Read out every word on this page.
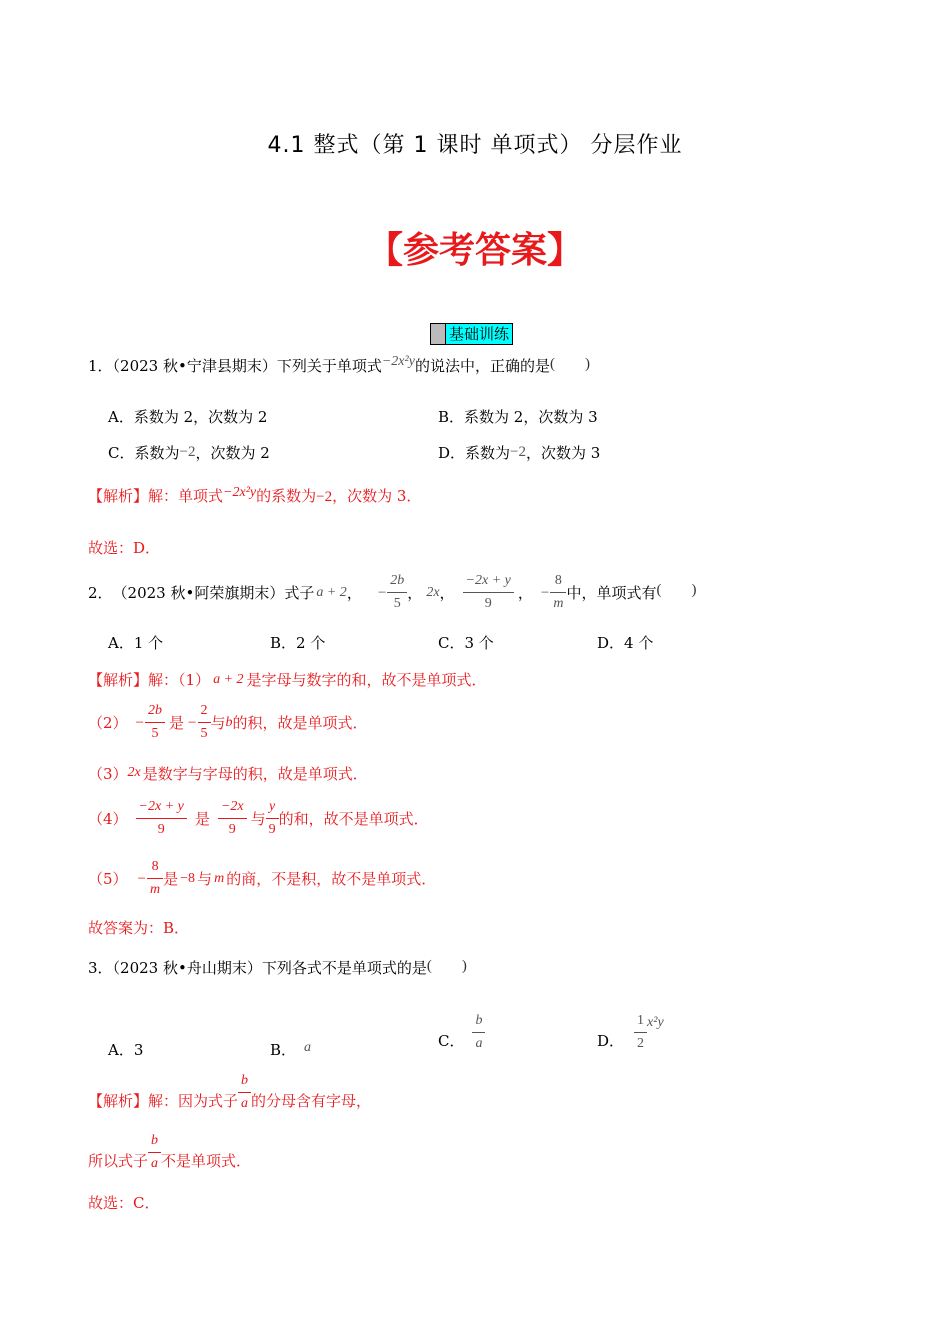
4.1 整式（第 1 课时 单项式） 分层作业
【参考答案】
基础训练
1．（2023 秋•宁津县期末）下列关于单项式−2x²y的说法中，正确的是(　　)
A．系数为 2，次数为 2	B．系数为 2，次数为 3
C．系数为−2，次数为 2	D．系数为−2，次数为 3
【解析】解：单项式−2x²y的系数为−2，次数为 3．
故选：D．
2． （2023 秋•阿荣旗期末） 式子 a + 2 ， − $\frac{2b}{5}$ ， 2x ， $\frac{-2x + y}{9}$ ， − $\frac{8}{m}$ 中，单项式有 (　　)
A．1 个	B．2 个	C．3 个	D．4 个
【解析】解：（1） a + 2 是字母与数字的和，故不是单项式．
$(2) - \frac{2b}{5}$ 是 − $\frac{2}{5}$ 与 b 的积，故是单项式．
（3）2x 是数字与字母的积，故是单项式．
$(4) \frac{-2x + y}{9}$ 是 $\frac{-2x}{9}$ 与 $\frac{y}{9}$ 的和，故不是单项式．
$(5) - \frac{8}{m}$ 是 −8 与 m 的商，不是积，故不是单项式．
故答案为：B．
3．（2023 秋•舟山期末）下列各式不是单项式的是(　　)
A．3	B． a	C． $\frac{b}{a}$	D． $\frac{1}{2} x^2y$
【解析】 解：因为式子 $\frac{b}{a}$ 的分母含有字母，
所以式子 $\frac{b}{a}$ 不是单项式．
故选：C．
